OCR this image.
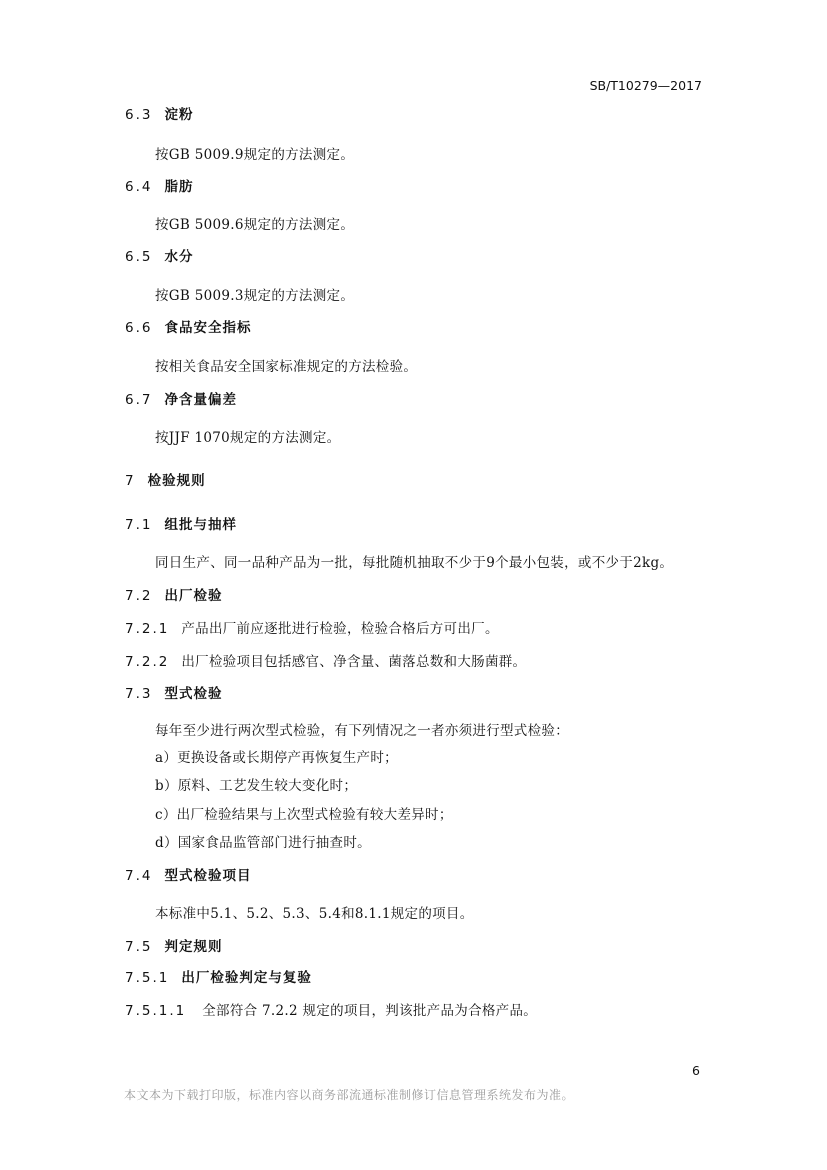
SB/T10279—2017
6.3 淀粉
按GB 5009.9规定的方法测定。
6.4 脂肪
按GB 5009.6规定的方法测定。
6.5 水分
按GB 5009.3规定的方法测定。
6.6 食品安全指标
按相关食品安全国家标准规定的方法检验。
6.7 净含量偏差
按JJF 1070规定的方法测定。
7 检验规则
7.1 组批与抽样
同日生产、同一品种产品为一批，每批随机抽取不少于9个最小包装，或不少于2kg。
7.2 出厂检验
7.2.1 产品出厂前应逐批进行检验，检验合格后方可出厂。
7.2.2 出厂检验项目包括感官、净含量、菌落总数和大肠菌群。
7.3 型式检验
每年至少进行两次型式检验，有下列情况之一者亦须进行型式检验：
a）更换设备或长期停产再恢复生产时；
b）原料、工艺发生较大变化时；
c）出厂检验结果与上次型式检验有较大差异时；
d）国家食品监管部门进行抽查时。
7.4 型式检验项目
本标准中5.1、5.2、5.3、5.4和8.1.1规定的项目。
7.5 判定规则
7.5.1 出厂检验判定与复验
7.5.1.1 全部符合 7.2.2 规定的项目，判该批产品为合格产品。
6
本文本为下载打印版，标准内容以商务部流通标准制修订信息管理系统发布为准。
